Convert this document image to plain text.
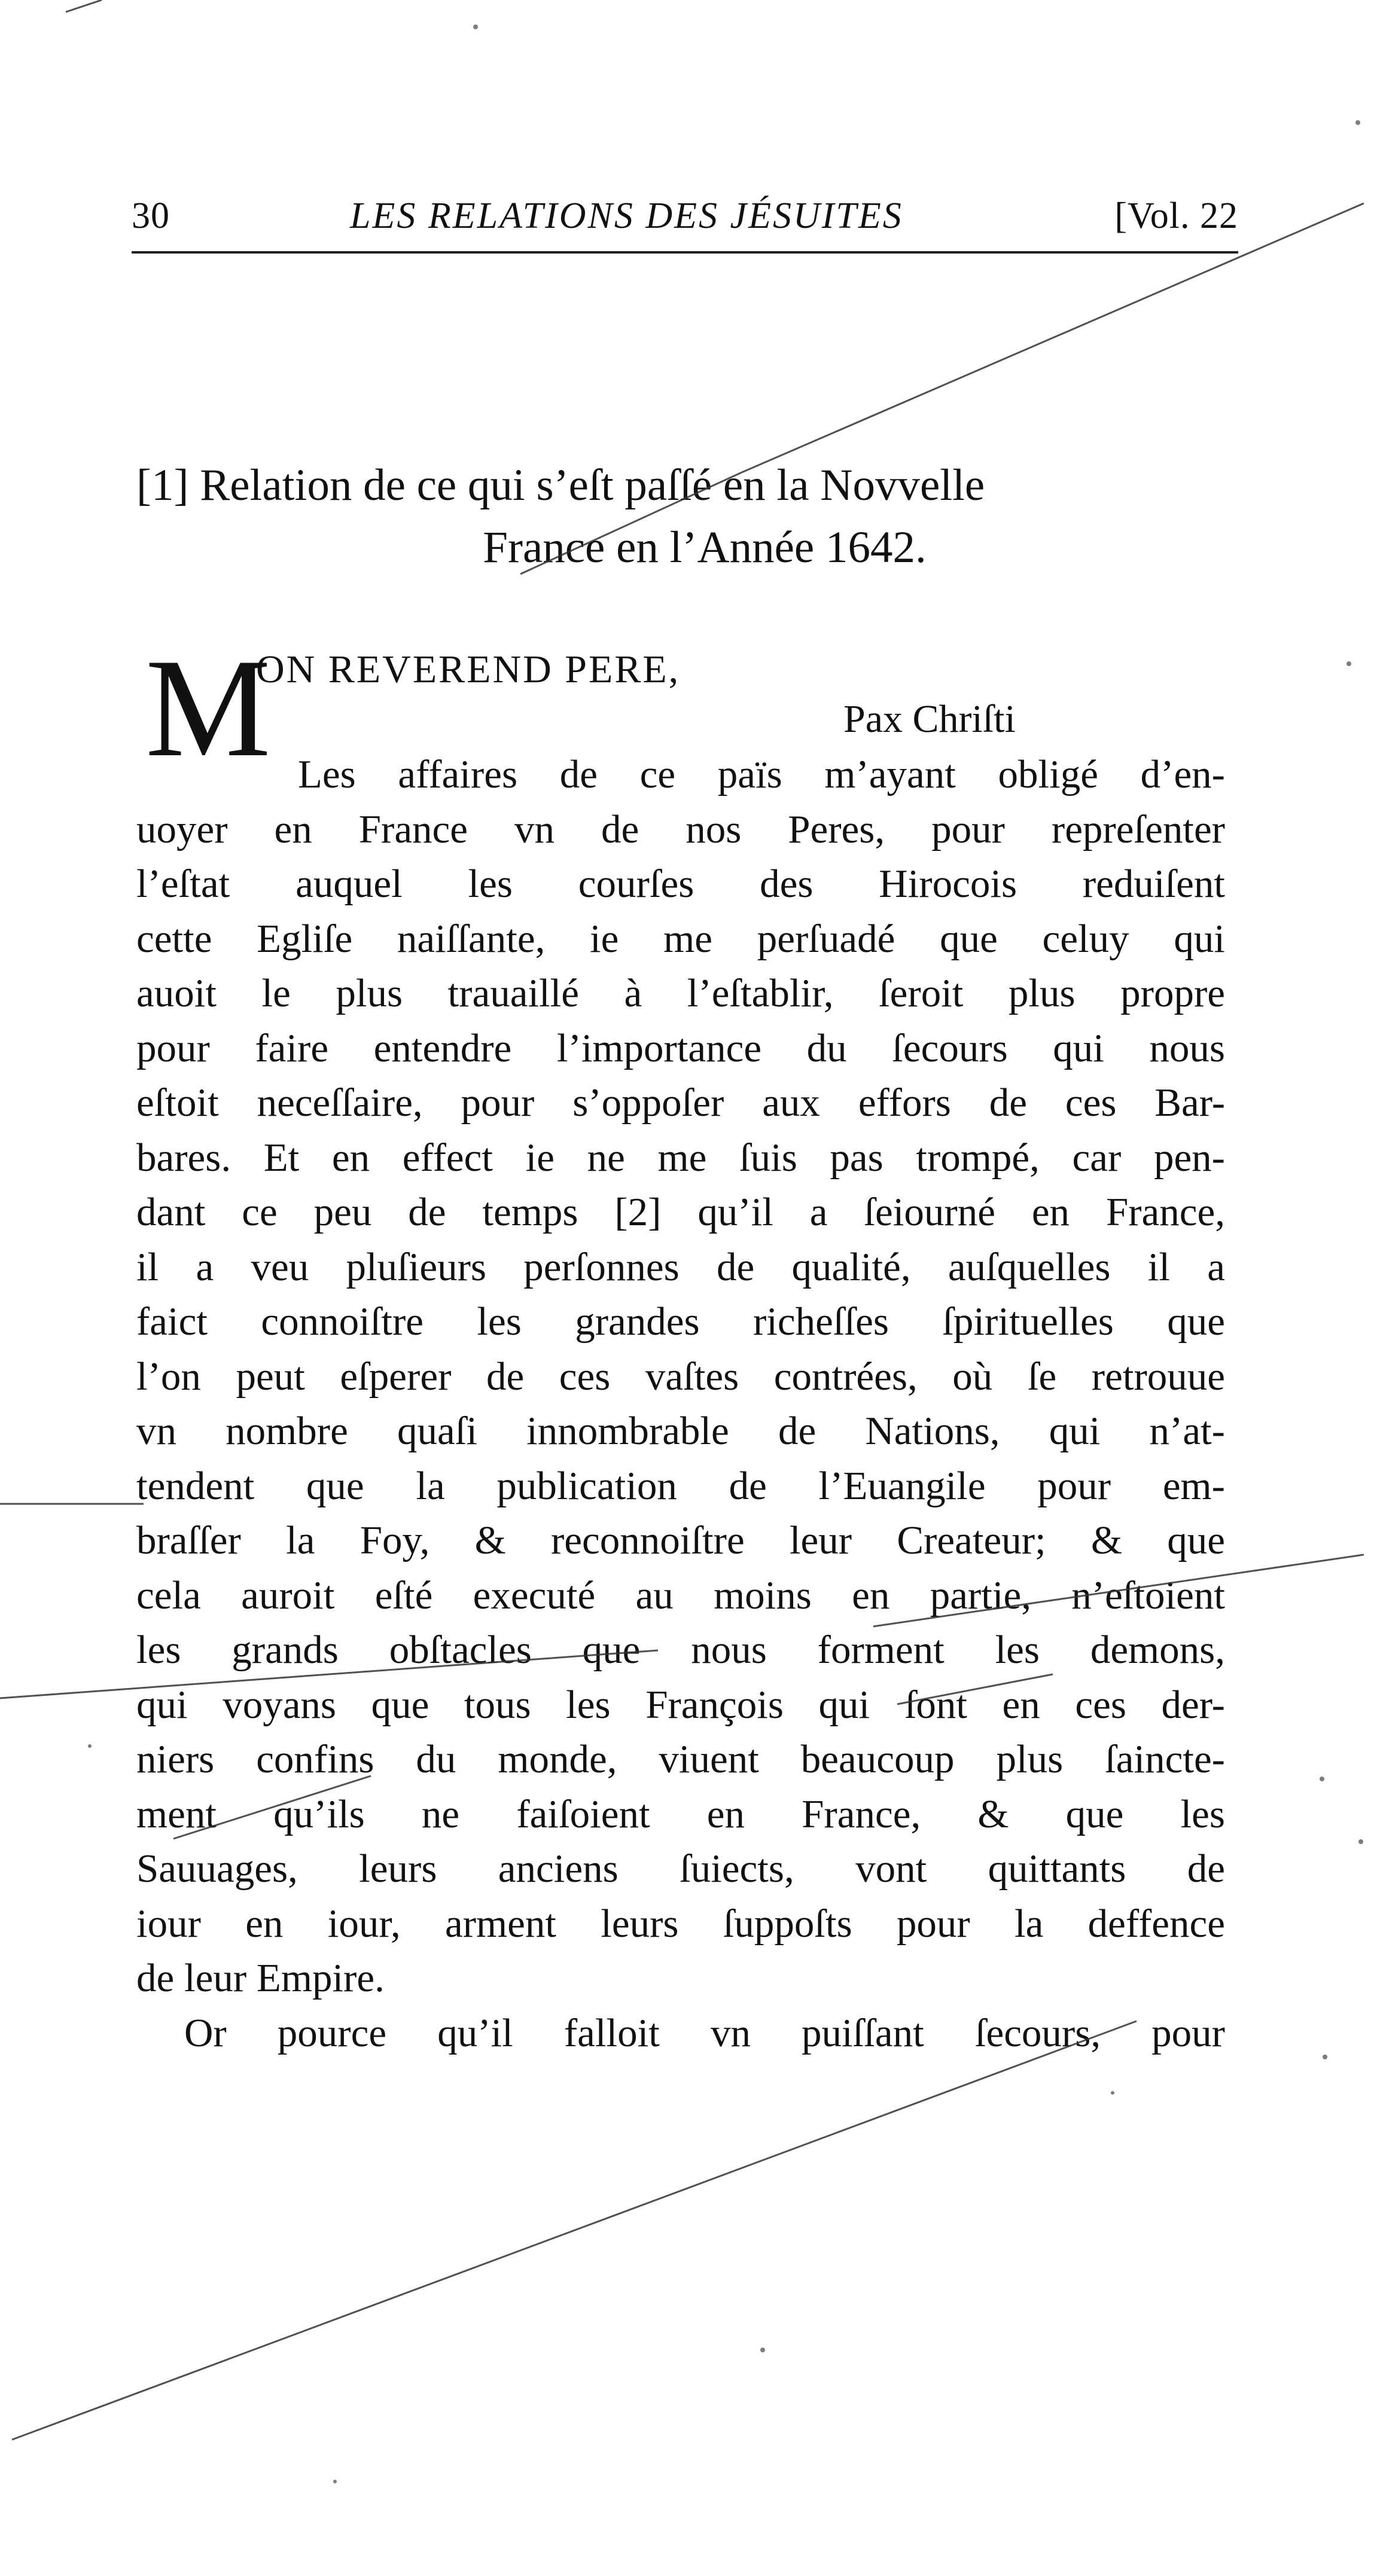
30	LES RELATIONS DES JÉSUITES	[Vol. 22
[1] Relation de ce qui s’eſt paſſé en la Novvelle
France en l’Année 1642.
M
ON REVEREND PERE,
Pax Chriſti
Les affaires de ce païs m’ayant obligé d’en-
uoyer en France vn de nos Peres, pour repreſenter
l’eſtat auquel les courſes des Hirocois reduiſent
cette Egliſe naiſſante, ie me perſuadé que celuy qui
auoit le plus trauaillé à l’eſtablir, ſeroit plus propre
pour faire entendre l’importance du ſecours qui nous
eſtoit neceſſaire, pour s’oppoſer aux effors de ces Bar-
bares. Et en effect ie ne me ſuis pas trompé, car pen-
dant ce peu de temps [2] qu’il a ſeiourné en France,
il a veu pluſieurs perſonnes de qualité, auſquelles il a
faict connoiſtre les grandes richeſſes ſpirituelles que
l’on peut eſperer de ces vaſtes contrées, où ſe retrouue
vn nombre quaſi innombrable de Nations, qui n’at-
tendent que la publication de l’Euangile pour em-
braſſer la Foy, & reconnoiſtre leur Createur; & que
cela auroit eſté executé au moins en partie, n’eſtoient
les grands obſtacles que nous forment les demons,
qui voyans que tous les François qui ſont en ces der-
niers confins du monde, viuent beaucoup plus ſaincte-
ment qu’ils ne faiſoient en France, & que les
Sauuages, leurs anciens ſuiects, vont quittants de
iour en iour, arment leurs ſuppoſts pour la deffence
de leur Empire.
Or pource qu’il falloit vn puiſſant ſecours, pour
